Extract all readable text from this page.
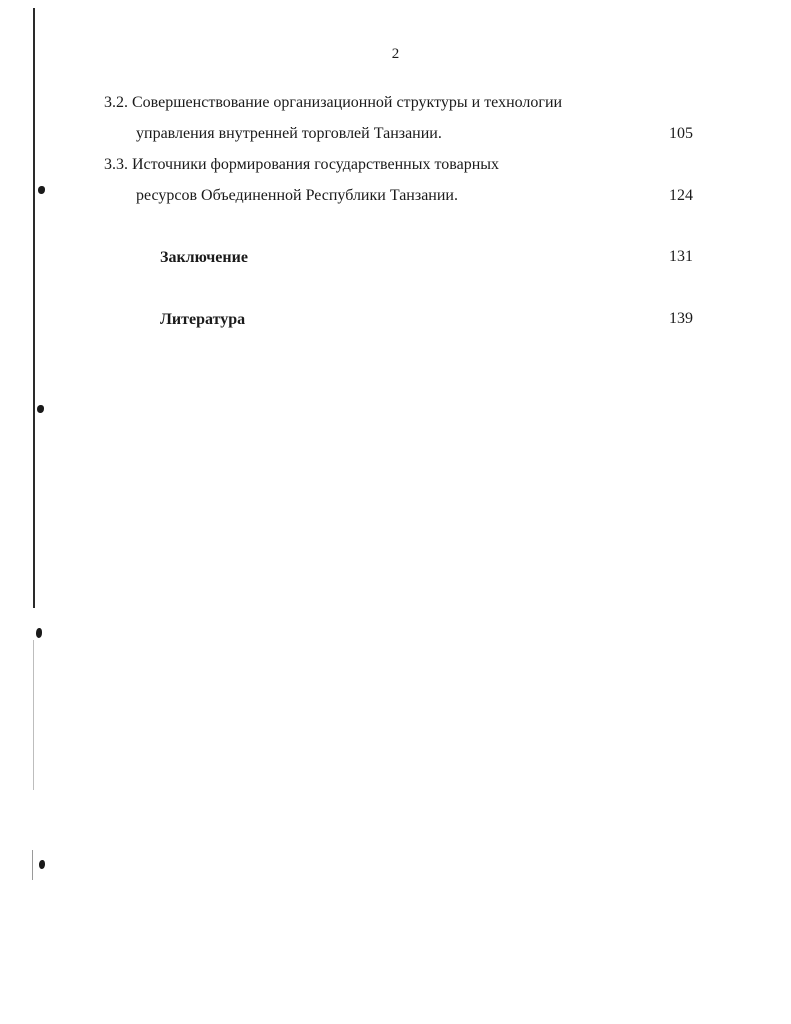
2
3.2. Совершенствование организационной структуры и технологии
управления внутренней торговлей Танзании.	105
3.3. Источники формирования государственных товарных
ресурсов Объединенной Республики Танзании.	124
Заключение	131
Литература	139
